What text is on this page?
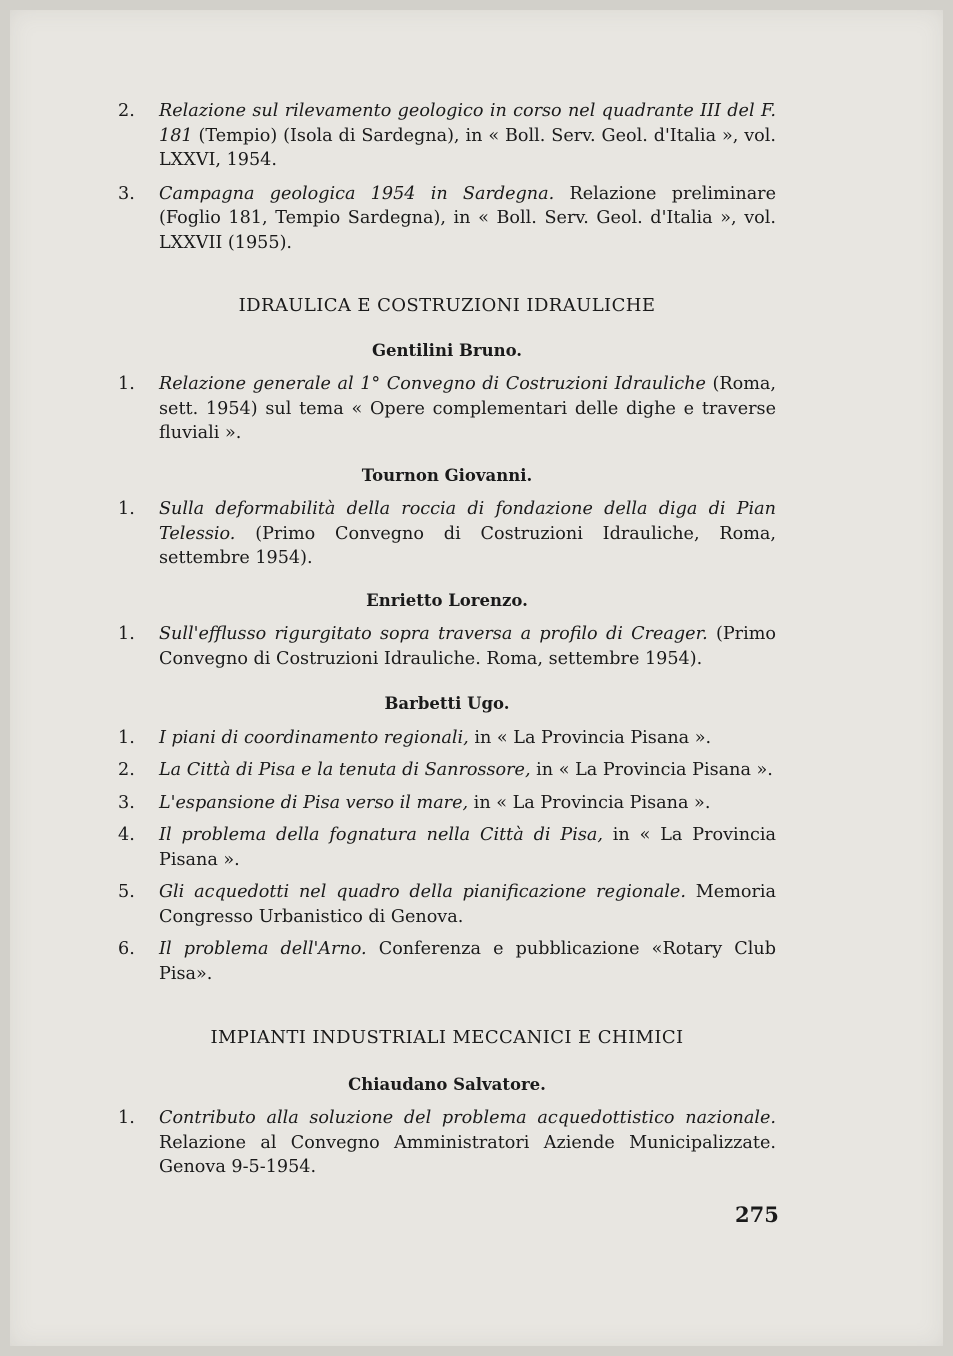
2. Relazione sul rilevamento geologico in corso nel quadrante III del F. 181 (Tempio) (Isola di Sardegna), in « Boll. Serv. Geol. d'Italia », vol. LXXVI, 1954.

3. Campagna geologica 1954 in Sardegna. Relazione preliminare (Foglio 181, Tempio Sardegna), in « Boll. Serv. Geol. d'Italia », vol. LXXVII (1955).

IDRAULICA E COSTRUZIONI IDRAULICHE

Gentilini Bruno.

1. Relazione generale al 1° Convegno di Costruzioni Idrauliche (Roma, sett. 1954) sul tema « Opere complementari delle dighe e traverse fluviali ».

Tournon Giovanni.

1. Sulla deformabilità della roccia di fondazione della diga di Pian Telessio. (Primo Convegno di Costruzioni Idrauliche, Roma, settembre 1954).

Enrietto Lorenzo.

1. Sull'efflusso rigurgitato sopra traversa a profilo di Creager. (Primo Convegno di Costruzioni Idrauliche. Roma, settembre 1954).

Barbetti Ugo.

1. I piani di coordinamento regionali, in « La Provincia Pisana ».

2. La Città di Pisa e la tenuta di Sanrossore, in « La Provincia Pisana ».

3. L'espansione di Pisa verso il mare, in « La Provincia Pisana ».

4. Il problema della fognatura nella Città di Pisa, in « La Provincia Pisana ».

5. Gli acquedotti nel quadro della pianificazione regionale. Memoria Congresso Urbanistico di Genova.

6. Il problema dell'Arno. Conferenza e pubblicazione «Rotary Club Pisa».

IMPIANTI INDUSTRIALI MECCANICI E CHIMICI

Chiaudano Salvatore.

1. Contributo alla soluzione del problema acquedottistico nazionale. Relazione al Convegno Amministratori Aziende Municipalizzate. Genova 9-5-1954.

275
